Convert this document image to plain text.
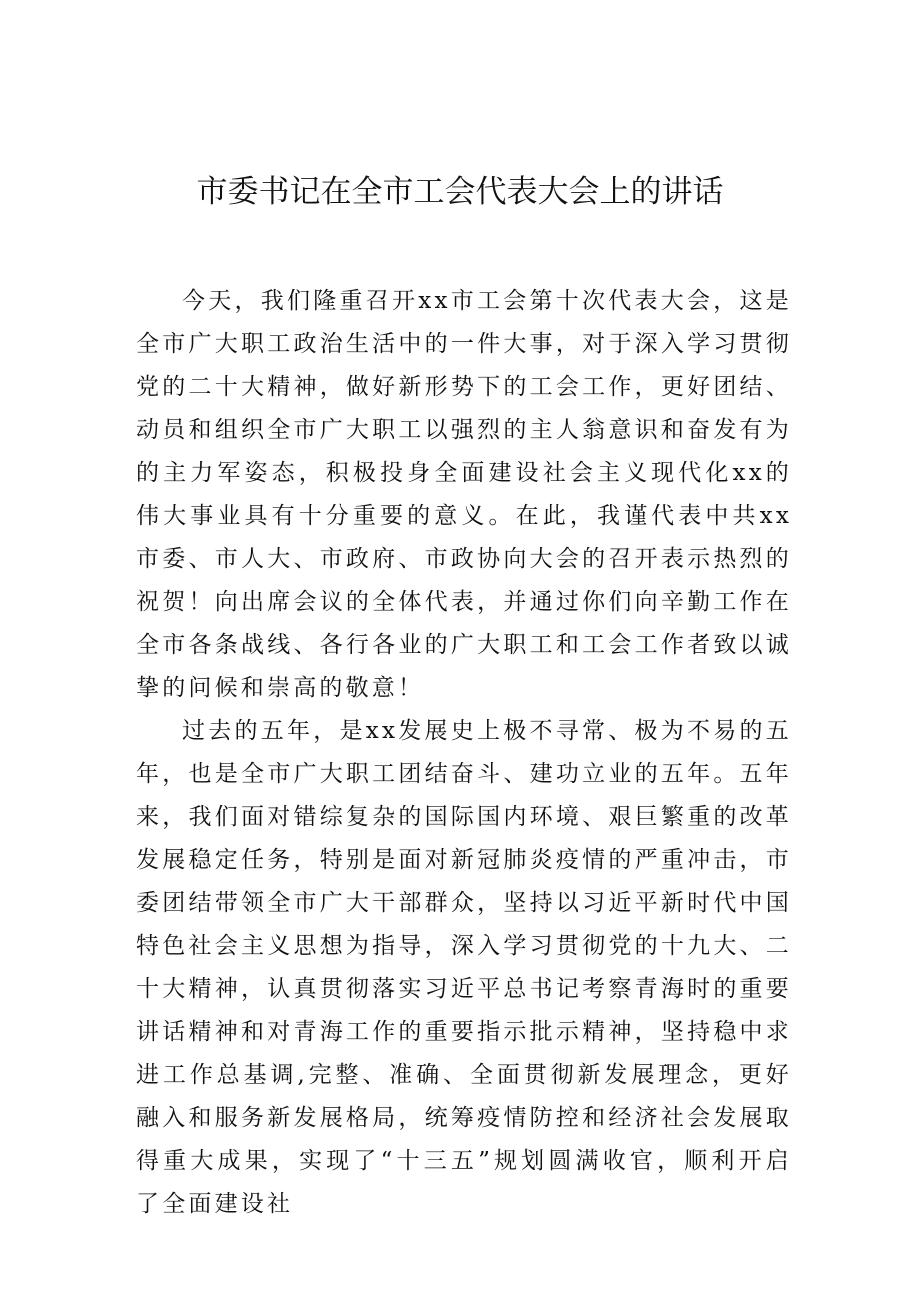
市委书记在全市工会代表大会上的讲话

今天，我们隆重召开xx市工会第十次代表大会，这是全市广大职工政治生活中的一件大事，对于深入学习贯彻党的二十大精神，做好新形势下的工会工作，更好团结、动员和组织全市广大职工以强烈的主人翁意识和奋发有为的主力军姿态，积极投身全面建设社会主义现代化xx的伟大事业具有十分重要的意义。在此，我谨代表中共xx市委、市人大、市政府、市政协向大会的召开表示热烈的祝贺！向出席会议的全体代表，并通过你们向辛勤工作在全市各条战线、各行各业的广大职工和工会工作者致以诚挚的问候和崇高的敬意！

过去的五年，是xx发展史上极不寻常、极为不易的五年，也是全市广大职工团结奋斗、建功立业的五年。五年来，我们面对错综复杂的国际国内环境、艰巨繁重的改革发展稳定任务，特别是面对新冠肺炎疫情的严重冲击，市委团结带领全市广大干部群众，坚持以习近平新时代中国特色社会主义思想为指导，深入学习贯彻党的十九大、二十大精神，认真贯彻落实习近平总书记考察青海时的重要讲话精神和对青海工作的重要指示批示精神，坚持稳中求进工作总基调,完整、准确、全面贯彻新发展理念，更好融入和服务新发展格局，统筹疫情防控和经济社会发展取得重大成果，实现了“十三五”规划圆满收官，顺利开启了全面建设社
